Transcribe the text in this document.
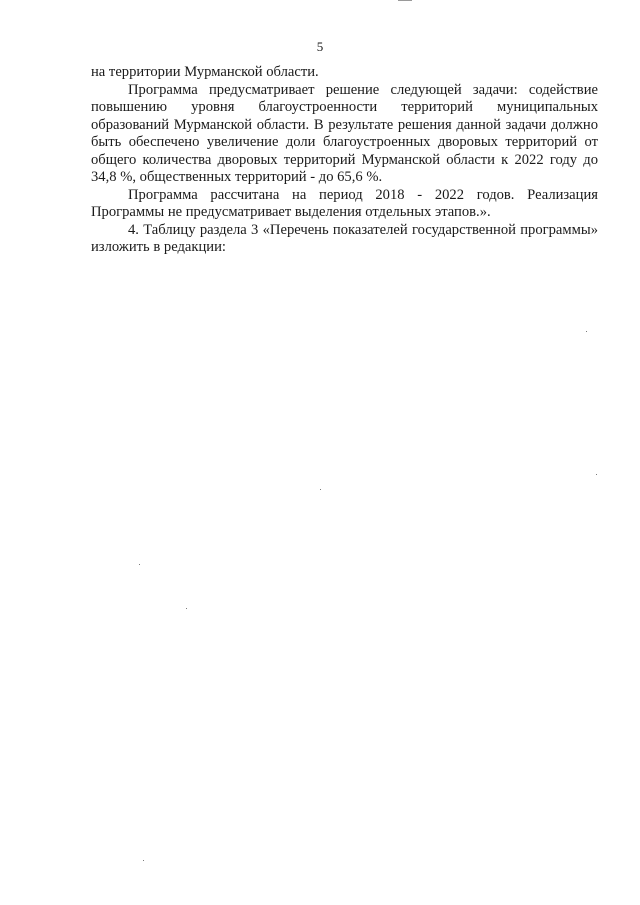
5

на территории Мурманской области.

Программа предусматривает решение следующей задачи: содействие повышению уровня благоустроенности территорий муниципальных образований Мурманской области. В результате решения данной задачи должно быть обеспечено увеличение доли благоустроенных дворовых территорий от общего количества дворовых территорий Мурманской области к 2022 году до 34,8 %, общественных территорий - до 65,6 %.

Программа рассчитана на период 2018 - 2022 годов. Реализация Программы не предусматривает выделения отдельных этапов.».

4. Таблицу раздела 3 «Перечень показателей государственной программы» изложить в редакции:
